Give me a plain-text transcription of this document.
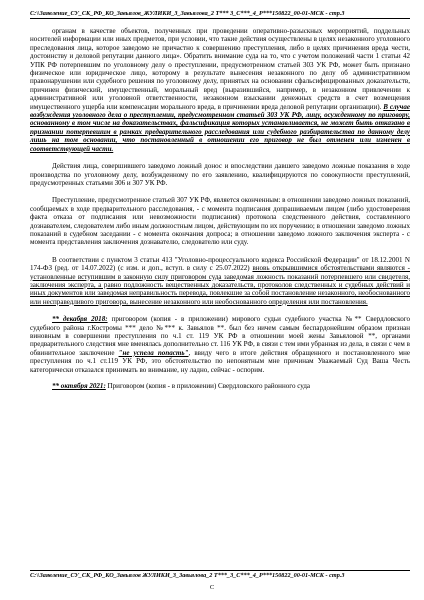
C:\\Заявление_СУ_СК_РФ_КО_Завьялов_ЖУЛИКИ_3_Завьялова_2 Т*** 3_С***_4_Р***150822_00-01-МСК - стр.3

органам в качестве объектов, полученных при проведении оперативно-разыскных мероприятий, поддельных носителей информации или иных предметов, при условии, что такие действия осуществлены в целях незаконного уголовного преследования лица, которое заведомо не причастно к совершению преступления, либо в целях причинения вреда чести, достоинству и деловой репутации данного лица». Обратить внимание суда на то, что с учетом положений части 1 статьи 42 УПК РФ потерпевшим по уголовному делу о преступлении, предусмотренном статьей 303 УК РФ, может быть признано физическое или юридическое лицо, которому в результате вынесения незаконного по делу об административном правонарушении или судебного решения по уголовному делу, принятых на основании сфальсифицированных доказательств, причинен физический, имущественный, моральный вред (выразившийся, например, в незаконном привлечении к административной или уголовной ответственности, незаконном взыскании денежных средств в счет возмещения имущественного ущерба или компенсации морального вреда, в причинении вреда деловой репутации организации). В случае возбуждения уголовного дела о преступлении, предусмотренном статьей 303 УК РФ, лицу, осужденному по приговору, основанному в том числе на доказательствах, фальсификация которых устанавливается, не может быть отказано в признании потерпевшим в рамках предварительного расследования или судебного разбирательства по данному делу лишь на том основании, что постановленный в отношении его приговор не был отменен или изменен в соответствующей части.

Действия лица, совершившего заведомо ложный донос и впоследствии давшего заведомо ложные показания в ходе производства по уголовному делу, возбужденному по его заявлению, квалифицируются по совокупности преступлений, предусмотренных статьями 306 и 307 УК РФ.

Преступление, предусмотренное статьей 307 УК РФ, является оконченным: в отношении заведомо ложных показаний, сообщаемых в ходе предварительного расследования, - с момента подписания допрашиваемым лицом (либо удостоверения факта отказа от подписания или невозможности подписания) протокола следственного действия, составленного дознавателем, следователем либо иным должностным лицом, действующим по их поручению; в отношении заведомо ложных показаний в судебном заседании - с момента окончания допроса; в отношении заведомо ложного заключения эксперта - с момента представления заключения дознавателю, следователю или суду.

В соответствии с пунктом 3 статьи 413 "Уголовно-процессуального кодекса Российской Федерации" от 18.12.2001 N 174-ФЗ (ред. от 14.07.2022) (с изм. и доп., вступ. в силу с 25.07.2022) вновь открывшимися обстоятельствами являются - установленные вступившим в законную силу приговором суда заведомая ложность показаний потерпевшего или свидетеля, заключения эксперта, а равно подложность вещественных доказательств, протоколов следственных и судебных действий и иных документов или заведомая неправильность перевода, повлекшие за собой постановление незаконного, необоснованного или несправедливого приговора, вынесение незаконного или необоснованного определения или постановления.

** декабря 2018: приговором (копия - в приложении) мирового судьи судебного участка №** Свердловского судебного района г.Костромы *** дело №*** к. Завьялов **. был без ничем самым беспардонейшим образом признан виновным в совершении преступления по ч.1 ст. 119 УК РФ в отношении моей жены Завьяловой **, органами предварительного следствия мне вменялась дополнительно ст. 116 УК РФ, в связи с тем ими убранная из дела, в связи с чем в обвинительное заключение "не успела попасть", ввиду чего в итоге действия обращенного и постановленного мне преступления по ч.1 ст.119 УК РФ, это обстоятельство по непонятным мне причинам Уважаемый Суд Ваша Честь категорически отказался принимать во внимание, ну ладно, сейчас - оспорим.

** октября 2021: Приговором (копия - в приложении) Свердловского районного суда

C:\\Заявление_СУ_СК_РФ_КО_Завьялов ЖУЛИКИ_3_Завьялова_2 Т***_3_С***_4_Р***150822_00-01-МСК - стр.3
С
